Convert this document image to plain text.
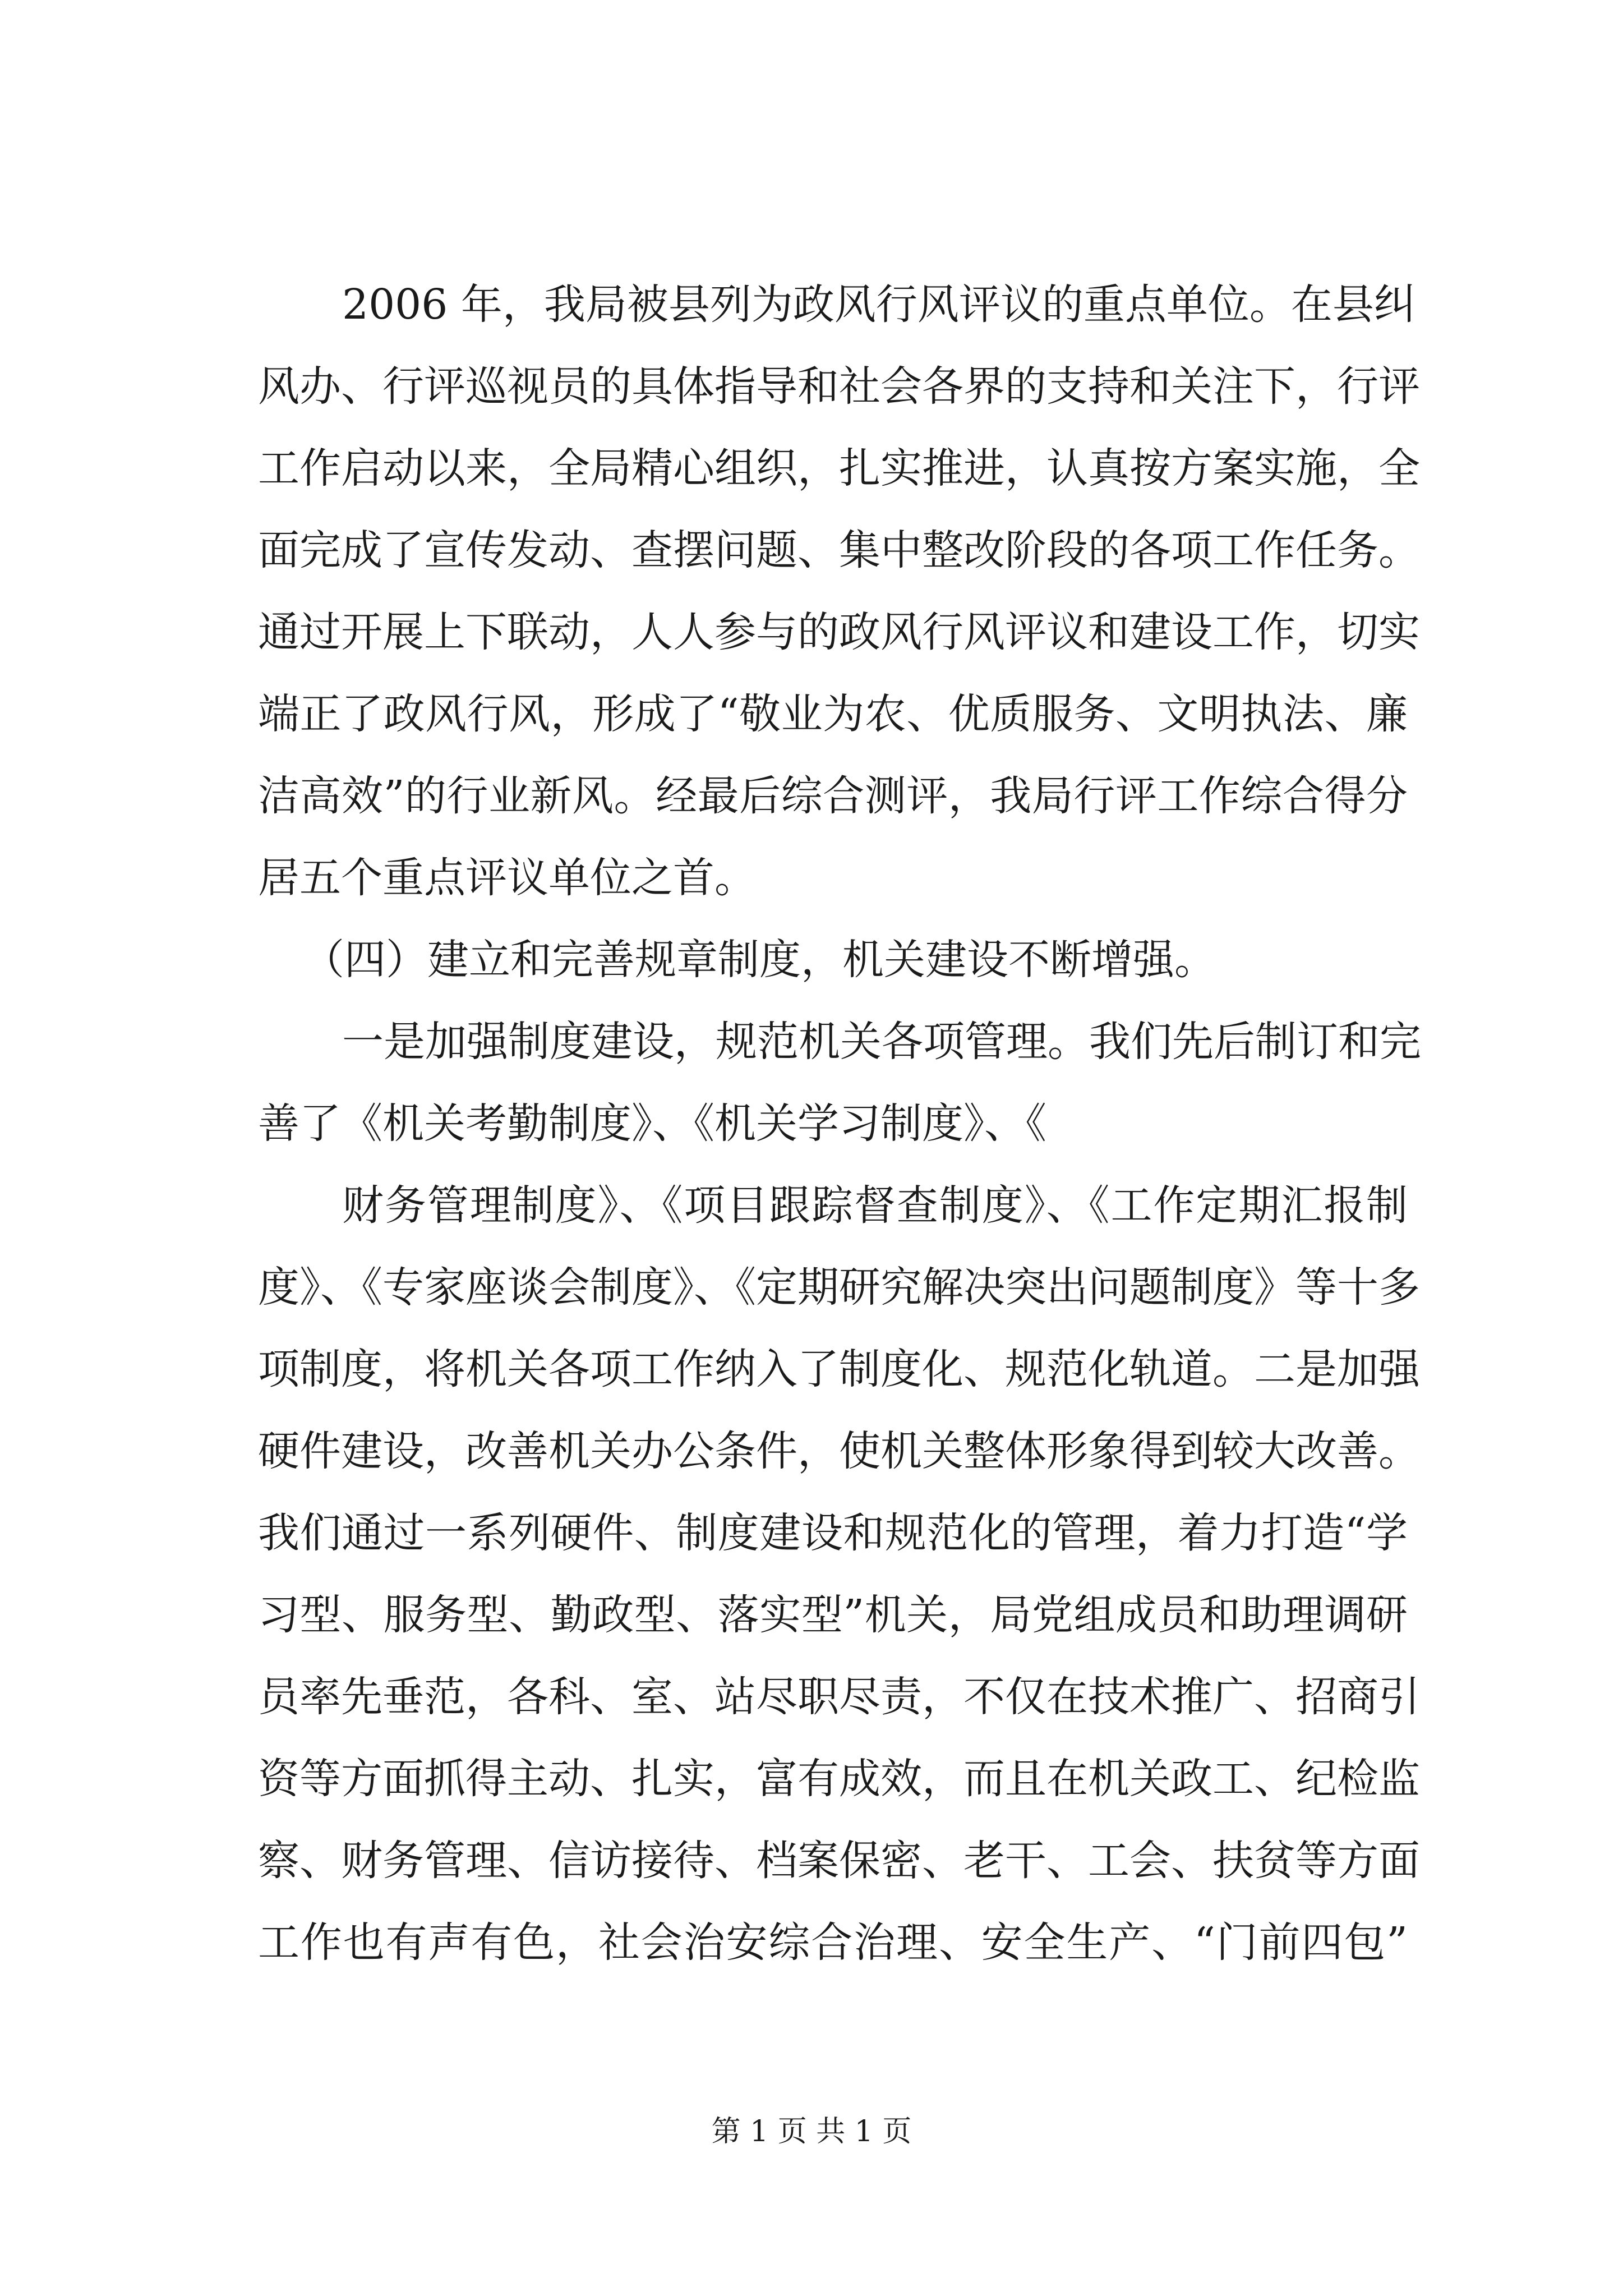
2006 年，我局被县列为政风行风评议的重点单位。在县纠
风办、行评巡视员的具体指导和社会各界的支持和关注下，行评
工作启动以来，全局精心组织，扎实推进，认真按方案实施，全
面完成了宣传发动、查摆问题、集中整改阶段的各项工作任务。
通过开展上下联动，人人参与的政风行风评议和建设工作，切实
端正了政风行风，形成了“敬业为农、优质服务、文明执法、廉
洁高效”的行业新风。经最后综合测评，我局行评工作综合得分
居五个重点评议单位之首。
（四）建立和完善规章制度，机关建设不断增强。
一是加强制度建设，规范机关各项管理。我们先后制订和完
善了《机关考勤制度》、《机关学习制度》、《
财务管理制度》、《项目跟踪督查制度》、《工作定期汇报制
度》、《专家座谈会制度》、《定期研究解决突出问题制度》等十多
项制度，将机关各项工作纳入了制度化、规范化轨道。二是加强
硬件建设，改善机关办公条件，使机关整体形象得到较大改善。
我们通过一系列硬件、制度建设和规范化的管理，着力打造“学
习型、服务型、勤政型、落实型”机关，局党组成员和助理调研
员率先垂范，各科、室、站尽职尽责，不仅在技术推广、招商引
资等方面抓得主动、扎实，富有成效，而且在机关政工、纪检监
察、财务管理、信访接待、档案保密、老干、工会、扶贫等方面
工作也有声有色，社会治安综合治理、安全生产、“门前四包”
第 1 页 共 1 页
